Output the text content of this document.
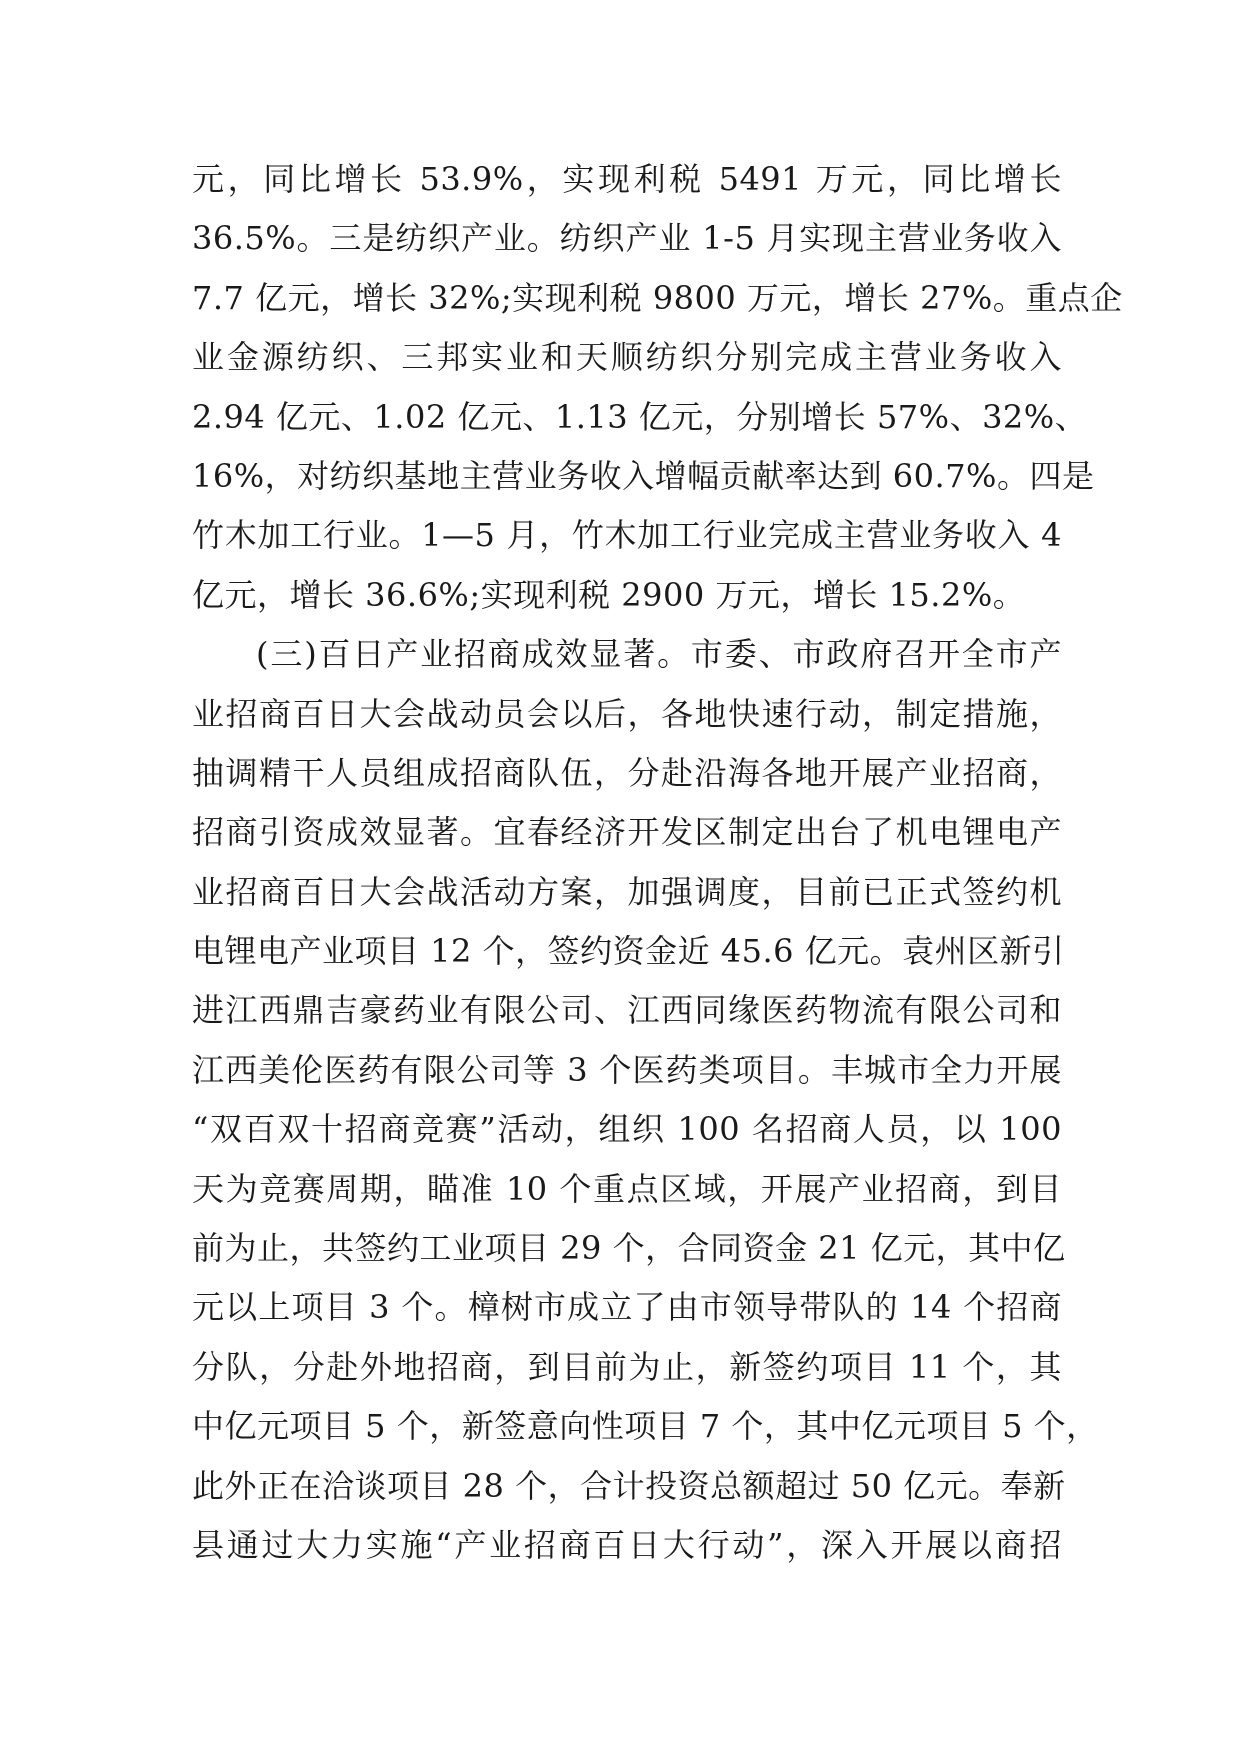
元，同比增长 53.9%，实现利税 5491 万元，同比增长
36.5%。三是纺织产业。纺织产业 1-5 月实现主营业务收入
7.7 亿元，增长 32%;实现利税 9800 万元，增长 27%。重点企
业金源纺织、三邦实业和天顺纺织分别完成主营业务收入
2.94 亿元、1.02 亿元、1.13 亿元，分别增长 57%、32%、
16%，对纺织基地主营业务收入增幅贡献率达到 60.7%。四是
竹木加工行业。1—5 月，竹木加工行业完成主营业务收入 4
亿元，增长 36.6%;实现利税 2900 万元，增长 15.2%。
(三)百日产业招商成效显著。市委、市政府召开全市产
业招商百日大会战动员会以后，各地快速行动，制定措施，
抽调精干人员组成招商队伍，分赴沿海各地开展产业招商，
招商引资成效显著。宜春经济开发区制定出台了机电锂电产
业招商百日大会战活动方案，加强调度，目前已正式签约机
电锂电产业项目 12 个，签约资金近 45.6 亿元。袁州区新引
进江西鼎吉豪药业有限公司、江西同缘医药物流有限公司和
江西美伦医药有限公司等 3 个医药类项目。丰城市全力开展
“双百双十招商竞赛”活动，组织 100 名招商人员，以 100
天为竞赛周期，瞄准 10 个重点区域，开展产业招商，到目
前为止，共签约工业项目 29 个，合同资金 21 亿元，其中亿
元以上项目 3 个。樟树市成立了由市领导带队的 14 个招商
分队，分赴外地招商，到目前为止，新签约项目 11 个，其
中亿元项目 5 个，新签意向性项目 7 个，其中亿元项目 5 个，
此外正在洽谈项目 28 个，合计投资总额超过 50 亿元。奉新
县通过大力实施“产业招商百日大行动”，深入开展以商招
